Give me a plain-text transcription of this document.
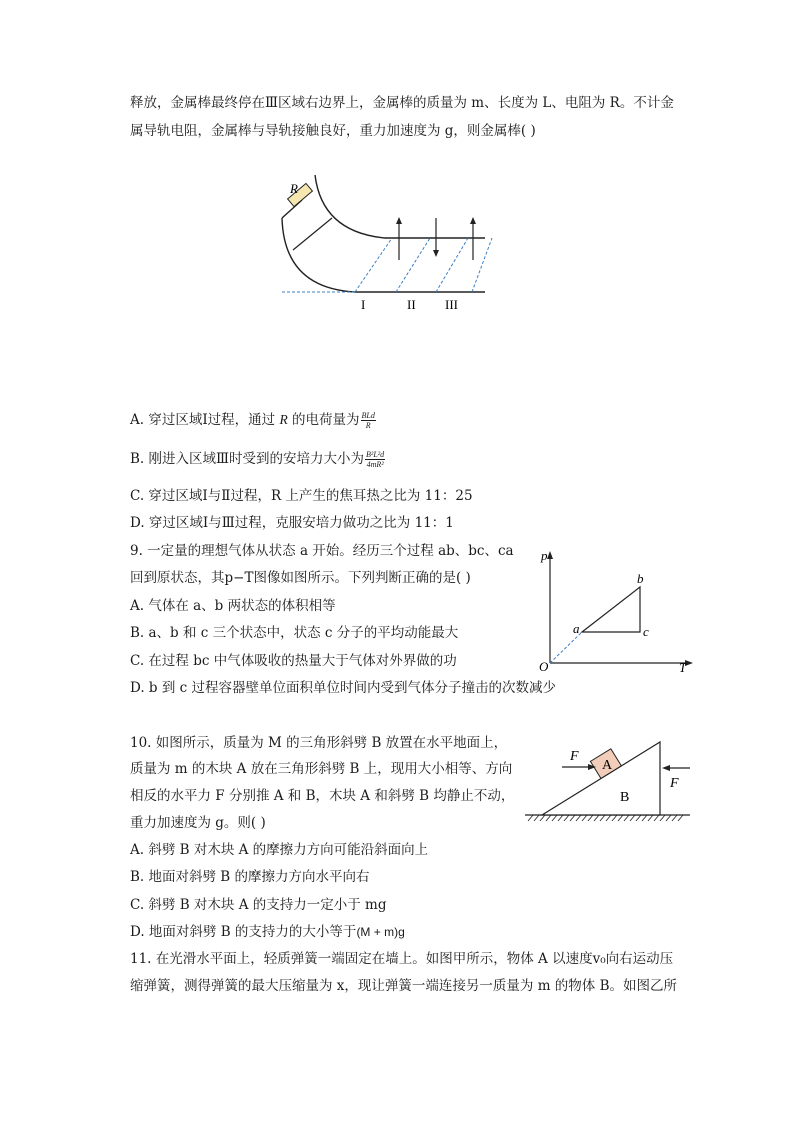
释放，金属棒最终停在Ⅲ区域右边界上，金属棒的质量为 m、长度为 L、电阻为 R。不计金
属导轨电阻，金属棒与导轨接触良好，重力加速度为 g，则金属棒( )
R
I	II III
A. 穿过区域Ⅰ过程，通过 R 的电荷量为 $\frac{\text{BLd}}{R}$
B. 刚进入区域Ⅲ时受到的安培力大小为 $\frac{\text{B²L²d}}{\text{4mR²}}$
C. 穿过区域Ⅰ与Ⅱ过程，R 上产生的焦耳热之比为 11：25
D. 穿过区域Ⅰ与Ⅲ过程，克服安培力做功之比为 11：1
9. 一定量的理想气体从状态 a 开始。经历三个过程 ab、bc、ca
回到原状态，其p−T图像如图所示。下列判断正确的是( )
A. 气体在 a、b 两状态的体积相等
B. a、b 和 c 三个状态中，状态 c 分子的平均动能最大
C. 在过程 bc 中气体吸收的热量大于气体对外界做的功
D. b 到 c 过程容器壁单位面积单位时间内受到气体分子撞击的次数减少
p
T
O
a
b
c
10. 如图所示，质量为 M 的三角形斜劈 B 放置在水平地面上，
质量为 m 的木块 A 放在三角形斜劈 B 上，现用大小相等、方向
相反的水平力 F 分别推 A 和 B，木块 A 和斜劈 B 均静止不动，
重力加速度为 g。则( )
A. 斜劈 B 对木块 A 的摩擦力方向可能沿斜面向上
B. 地面对斜劈 B 的摩擦力方向水平向右
C. 斜劈 B 对木块 A 的支持力一定小于 mg
D. 地面对斜劈 B 的支持力的大小等于(M + m)g
A
B
F
F
11. 在光滑水平面上，轻质弹簧一端固定在墙上。如图甲所示，物体 A 以速度v₀向右运动压
缩弹簧，测得弹簧的最大压缩量为 x，现让弹簧一端连接另一质量为 m 的物体 B。如图乙所
